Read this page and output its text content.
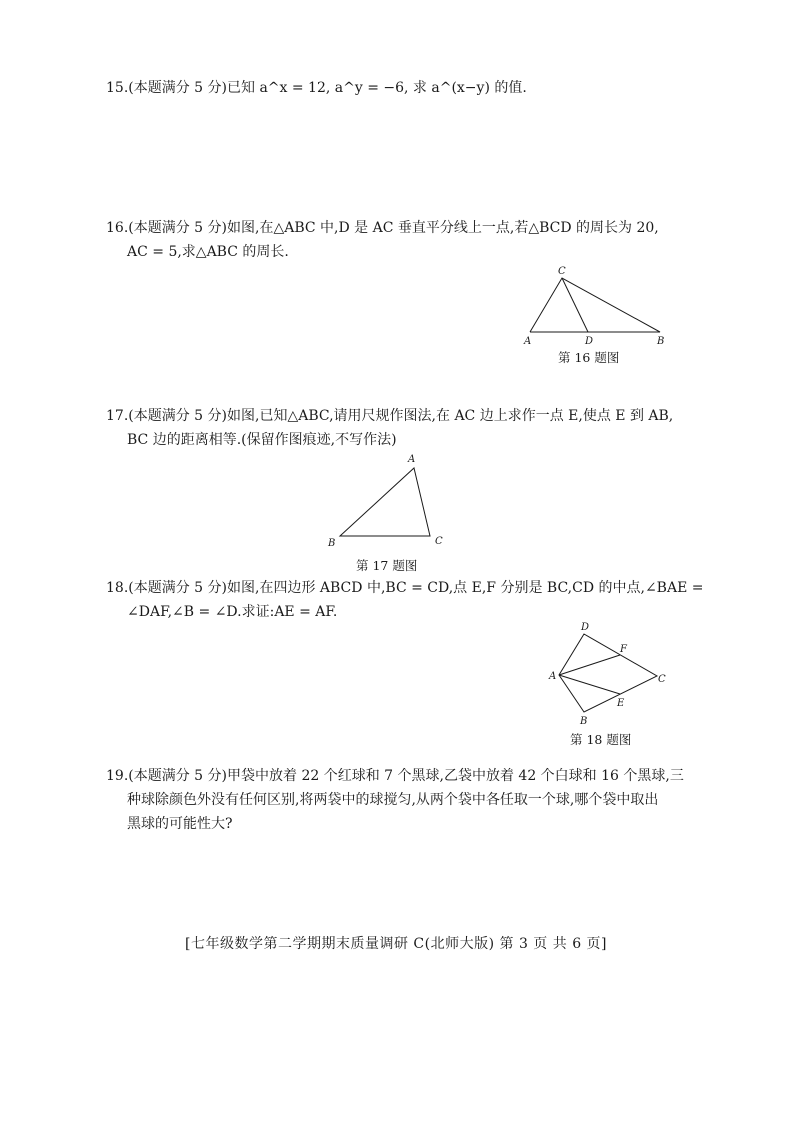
15.(本题满分 5 分)已知 a^x = 12, a^y = −6, 求 a^(x−y) 的值.
16.(本题满分 5 分)如图,在△ABC 中,D 是 AC 垂直平分线上一点,若△BCD 的周长为 20,
AC = 5,求△ABC 的周长.
C
A	D	B
第 16 题图
17.(本题满分 5 分)如图,已知△ABC,请用尺规作图法,在 AC 边上求作一点 E,使点 E 到 AB,
BC 边的距离相等.(保留作图痕迹,不写作法)
A
B	C
第 17 题图
18.(本题满分 5 分)如图,在四边形 ABCD 中,BC = CD,点 E,F 分别是 BC,CD 的中点,∠BAE =
∠DAF,∠B = ∠D.求证:AE = AF.
D
F
A	C
E
B
第 18 题图
19.(本题满分 5 分)甲袋中放着 22 个红球和 7 个黑球,乙袋中放着 42 个白球和 16 个黑球,三
种球除颜色外没有任何区别,将两袋中的球搅匀,从两个袋中各任取一个球,哪个袋中取出
黑球的可能性大?
[七年级数学第二学期期末质量调研 C(北师大版) 第 3 页 共 6 页]
